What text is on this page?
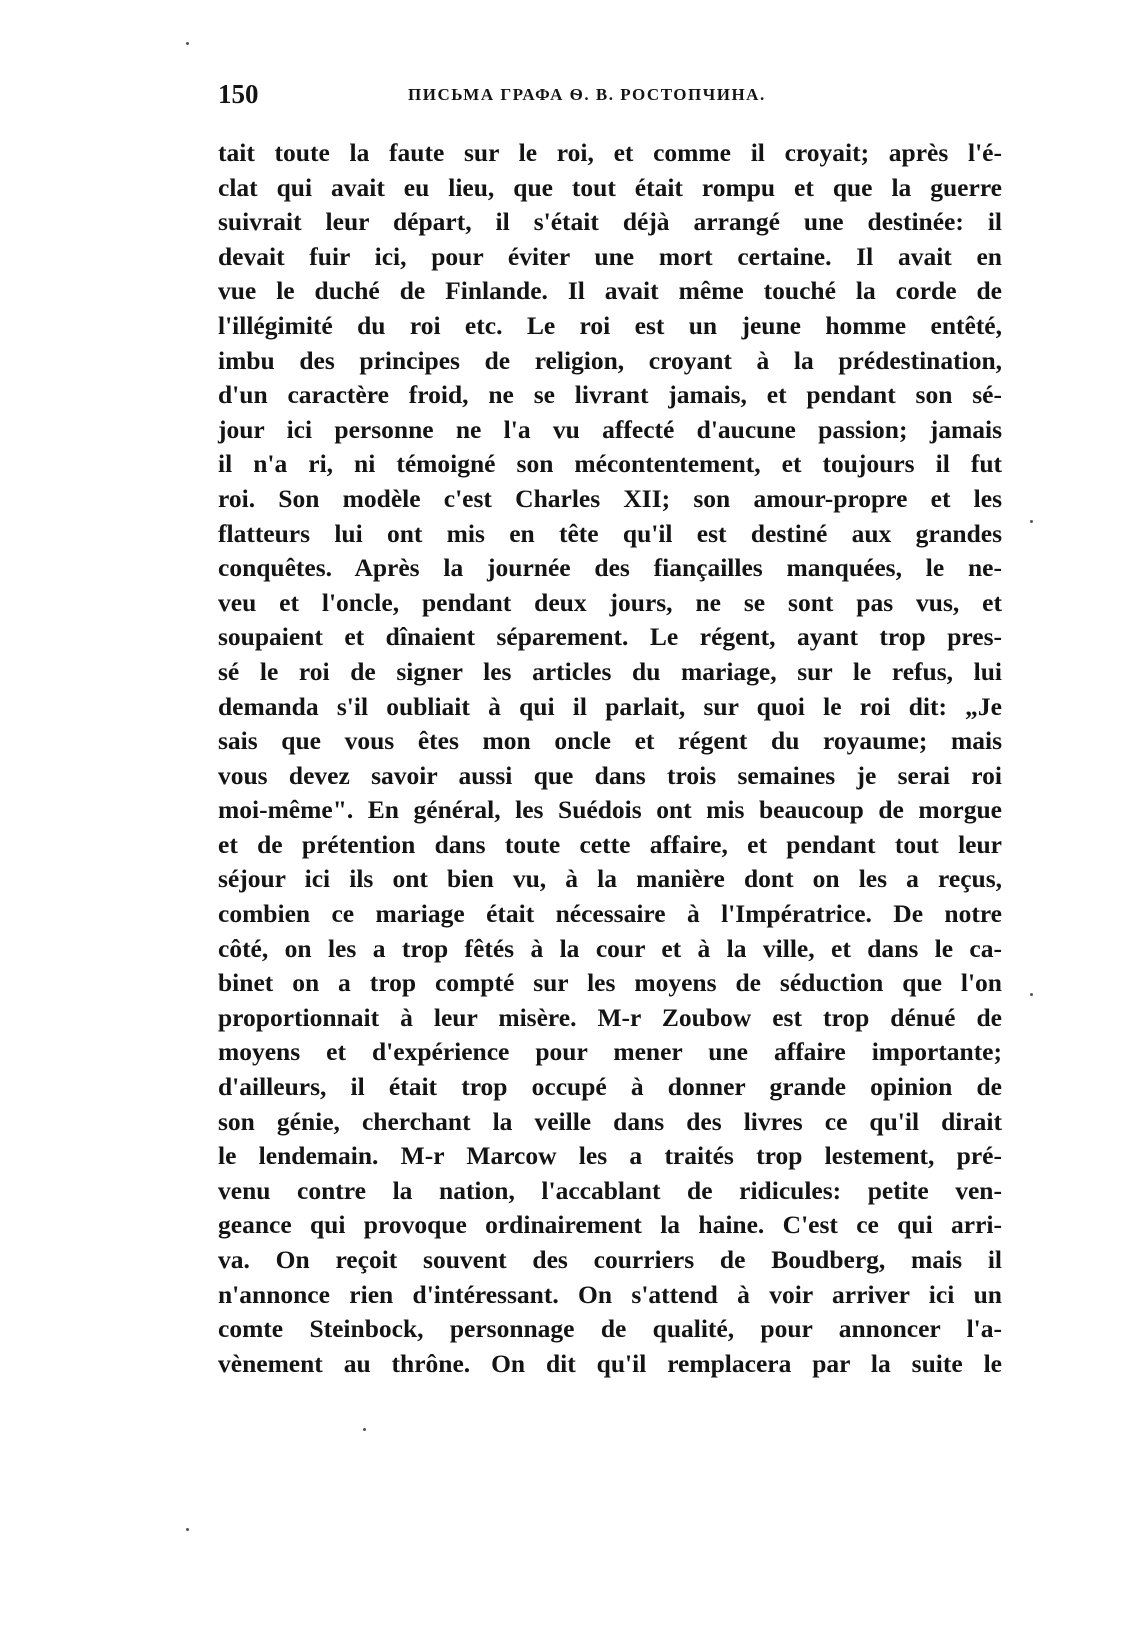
150	ПИСЬМА ГРАФА Ѳ. В. РОСТОПЧИНА.
tait toute la faute sur le roi, et comme il croyait; après l'é-
clat qui avait eu lieu, que tout était rompu et que la guerre
suivrait leur départ, il s'était déjà arrangé une destinée: il
devait fuir ici, pour éviter une mort certaine. Il avait en
vue le duché de Finlande. Il avait même touché la corde de
l'illégimité du roi etc. Le roi est un jeune homme entêté,
imbu des principes de religion, croyant à la prédestination,
d'un caractère froid, ne se livrant jamais, et pendant son sé-
jour ici personne ne l'a vu affecté d'aucune passion; jamais
il n'a ri, ni témoigné son mécontentement, et toujours il fut
roi. Son modèle c'est Charles XII; son amour-propre et les
flatteurs lui ont mis en tête qu'il est destiné aux grandes
conquêtes. Après la journée des fiançailles manquées, le ne-
veu et l'oncle, pendant deux jours, ne se sont pas vus, et
soupaient et dînaient séparement. Le régent, ayant trop pres-
sé le roi de signer les articles du mariage, sur le refus, lui
demanda s'il oubliait à qui il parlait, sur quoi le roi dit: „Je
sais que vous êtes mon oncle et régent du royaume; mais
vous devez savoir aussi que dans trois semaines je serai roi
moi-même". En général, les Suédois ont mis beaucoup de morgue
et de prétention dans toute cette affaire, et pendant tout leur
séjour ici ils ont bien vu, à la manière dont on les a reçus,
combien ce mariage était nécessaire à l'Impératrice. De notre
côté, on les a trop fêtés à la cour et à la ville, et dans le ca-
binet on a trop compté sur les moyens de séduction que l'on
proportionnait à leur misère. M-r Zoubow est trop dénué de
moyens et d'expérience pour mener une affaire importante;
d'ailleurs, il était trop occupé à donner grande opinion de
son génie, cherchant la veille dans des livres ce qu'il dirait
le lendemain. M-r Marcow les a traités trop lestement, pré-
venu contre la nation, l'accablant de ridicules: petite ven-
geance qui provoque ordinairement la haine. C'est ce qui arri-
va. On reçoit souvent des courriers de Boudberg, mais il
n'annonce rien d'intéressant. On s'attend à voir arriver ici un
comte Steinbock, personnage de qualité, pour annoncer l'a-
vènement au thrône. On dit qu'il remplacera par la suite le
